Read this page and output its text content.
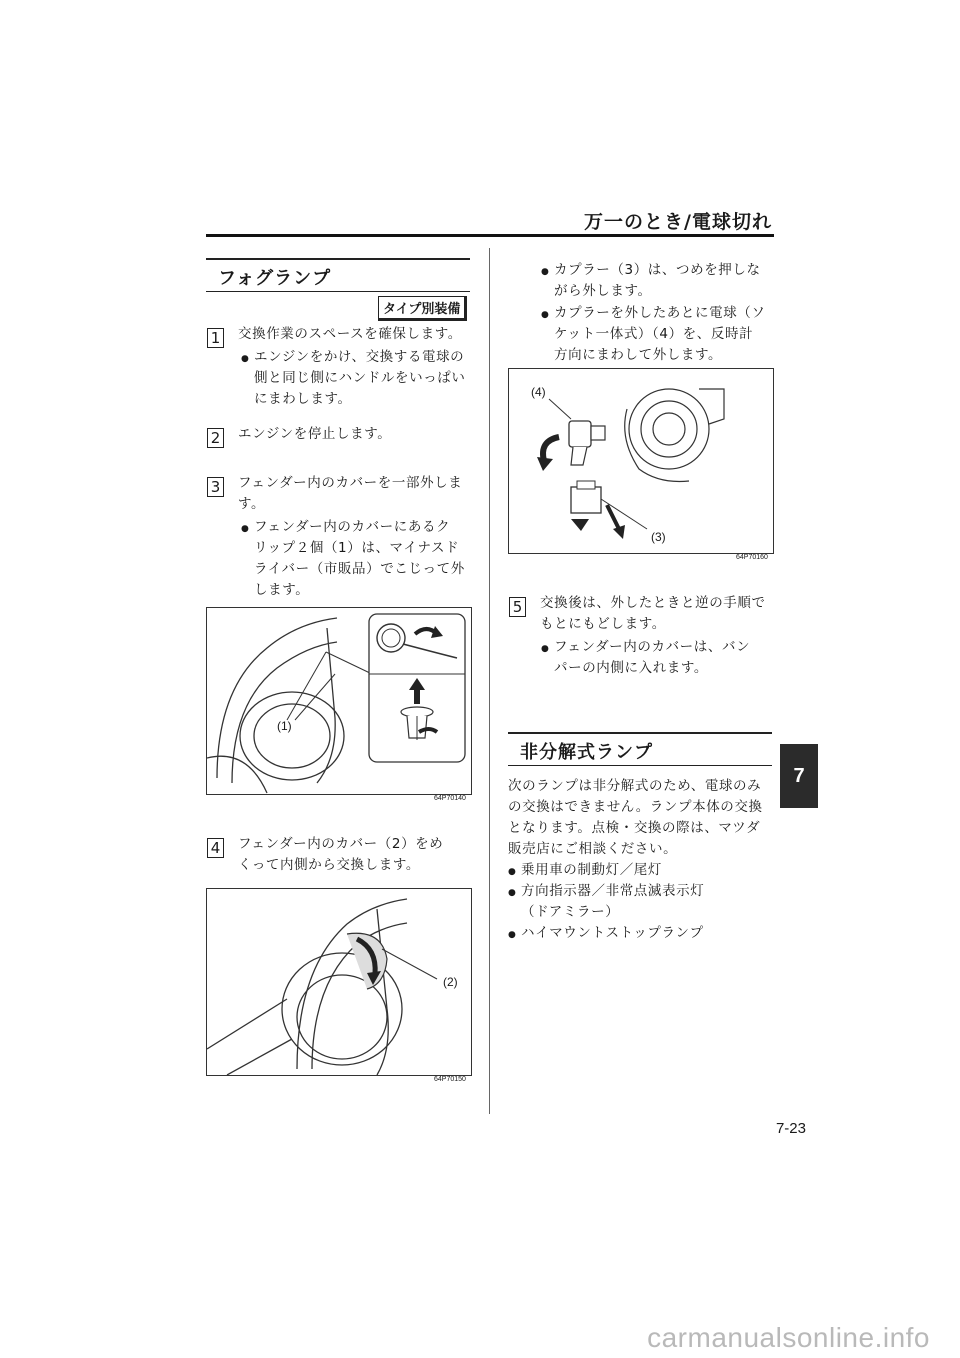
万一のとき/電球切れ
フォグランプ
タイプ別装備
1 交換作業のスペースを確保します。
エンジンをかけ、交換する電球の
側と同じ側にハンドルをいっぱい
にまわします。
2 エンジンを停止します。
3 フェンダー内のカバーを一部外しま
す。
フェンダー内のカバーにあるク
リップ２個（1）は、マイナスド
ライバー（市販品）でこじって外
します。
(1)
64P70140
4 フェンダー内のカバー（2）をめ
くって内側から交換します。
(2)
64P70150
カプラー（3）は、つめを押しな
がら外します。
カプラーを外したあとに電球（ソ
ケット一体式）（4）を、反時計
方向にまわして外します。
(4)
(3)
64P70160
5 交換後は、外したときと逆の手順で
もとにもどします。
フェンダー内のカバーは、バン
パーの内側に入れます。
非分解式ランプ
次のランプは非分解式のため、電球のみ
の交換はできません。ランプ本体の交換
となります。点検・交換の際は、マツダ
販売店にご相談ください。
乗用車の制動灯／尾灯
方向指示器／非常点滅表示灯
（ドアミラー）
ハイマウントストップランプ
7
7-23
carmanualsonline.info
